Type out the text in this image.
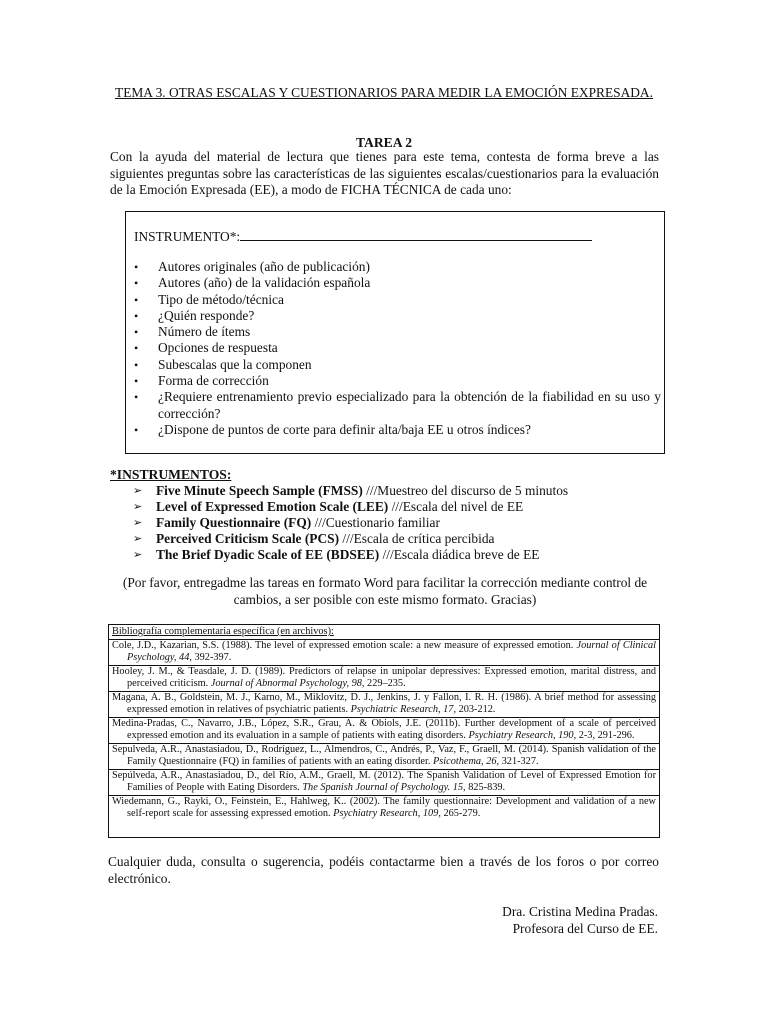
TEMA 3. OTRAS ESCALAS Y CUESTIONARIOS PARA MEDIR LA EMOCIÓN EXPRESADA.
TAREA 2
Con la ayuda del material de lectura que tienes para este tema, contesta de forma breve a las siguientes preguntas sobre las características de las siguientes escalas/cuestionarios para la evaluación de la Emoción Expresada (EE), a modo de FICHA TÉCNICA de cada uno:
INSTRUMENTO*:
• Autores originales (año de publicación)
• Autores (año) de la validación española
• Tipo de método/técnica
• ¿Quién responde?
• Número de ítems
• Opciones de respuesta
• Subescalas que la componen
• Forma de corrección
• ¿Requiere entrenamiento previo especializado para la obtención de la fiabilidad en su uso y corrección?
• ¿Dispone de puntos de corte para definir alta/baja EE u otros índices?
*INSTRUMENTOS:
➢ Five Minute Speech Sample (FMSS) ///Muestreo del discurso de 5 minutos
➢ Level of Expressed Emotion Scale (LEE) ///Escala del nivel de EE
➢ Family Questionnaire (FQ) ///Cuestionario familiar
➢ Perceived Criticism Scale (PCS) ///Escala de crítica percibida
➢ The Brief Dyadic Scale of EE (BDSEE) ///Escala diádica breve de EE
(Por favor, entregadme las tareas en formato Word para facilitar la corrección mediante control de cambios, a ser posible con este mismo formato. Gracias)
Bibliografía complementaria específica (en archivos):
Cole, J.D., Kazarian, S.S. (1988). The level of expressed emotion scale: a new measure of expressed emotion. Journal of Clinical Psychology, 44, 392-397.
Hooley, J. M., & Teasdale, J. D. (1989). Predictors of relapse in unipolar depressives: Expressed emotion, marital distress, and perceived criticism. Journal of Abnormal Psychology, 98, 229–235.
Magana, A. B., Goldstein, M. J., Karno, M., Miklovitz, D. J., Jenkins, J. y Fallon, I. R. H. (1986). A brief method for assessing expressed emotion in relatives of psychiatric patients. Psychiatric Research, 17, 203-212.
Medina-Pradas, C., Navarro, J.B., López, S.R., Grau, A. & Obiols, J.E. (2011b). Further development of a scale of perceived expressed emotion and its evaluation in a sample of patients with eating disorders. Psychiatry Research, 190, 2-3, 291-296.
Sepulveda, A.R., Anastasiadou, D., Rodríguez, L., Almendros, C., Andrés, P., Vaz, F., Graell, M. (2014). Spanish validation of the Family Questionnaire (FQ) in families of patients with an eating disorder. Psicothema, 26, 321-327.
Sepúlveda, A.R., Anastasiadou, D., del Río, A.M., Graell, M. (2012). The Spanish Validation of Level of Expressed Emotion for Families of People with Eating Disorders. The Spanish Journal of Psychology. 15, 825-839.
Wiedemann, G., Rayki, O., Feinstein, E., Hahlweg, K.. (2002). The family questionnaire: Development and validation of a new self-report scale for assessing expressed emotion. Psychiatry Research, 109, 265-279.
Cualquier duda, consulta o sugerencia, podéis contactarme bien a través de los foros o por correo electrónico.
Dra. Cristina Medina Pradas.
Profesora del Curso de EE.
